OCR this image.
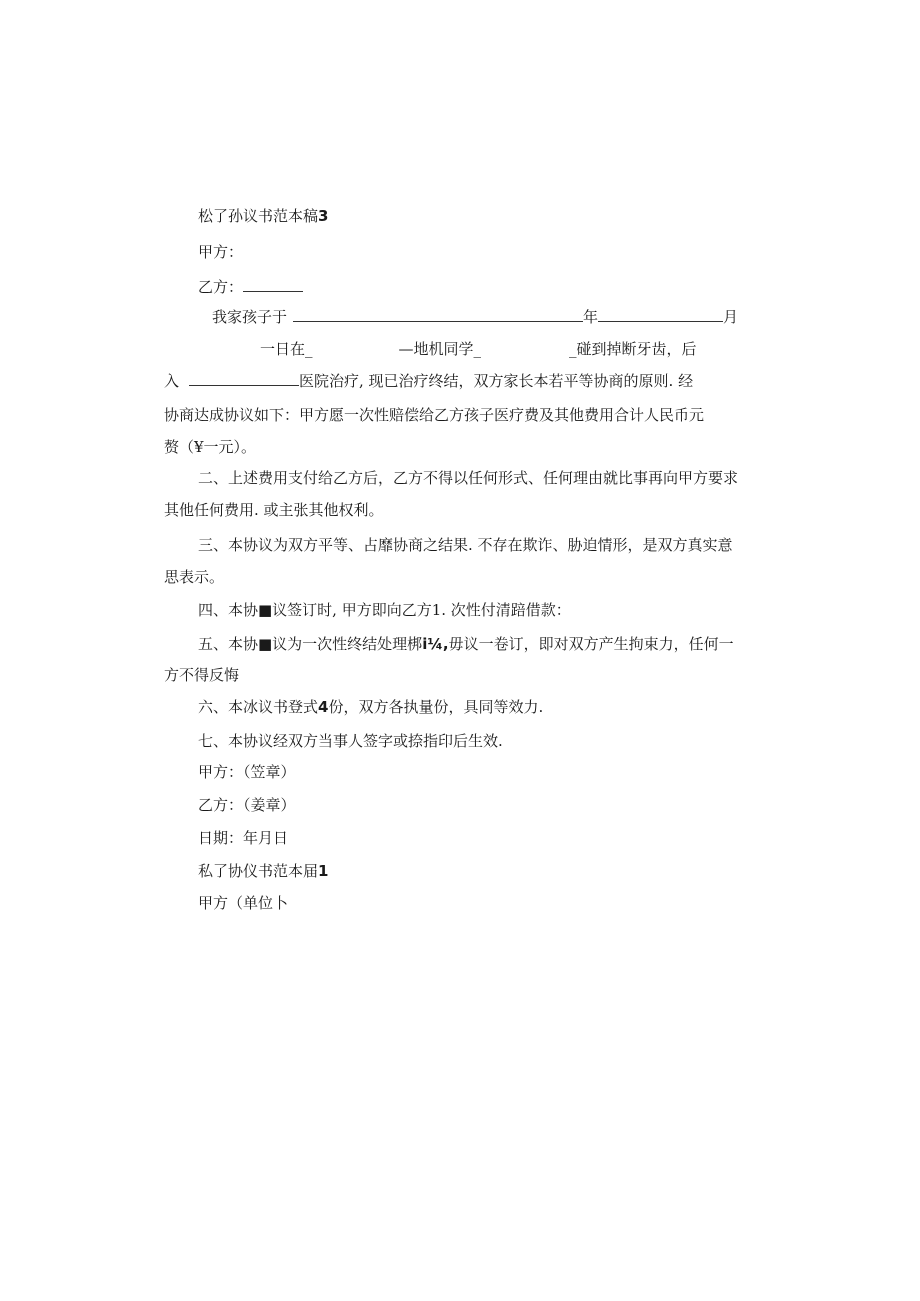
松了孙议书范本稿3
甲方：
乙方：
我家孩子于	年	月
一日在_	—地机同学_	_碰到掉断牙齿，后
入	医院治疗, 现已治疗终结，双方家长本若平等协商的原则. 经
协商达成协议如下：甲方愿一次性赔偿给乙方孩子医疗费及其他费用合计人民币元
赘（¥一元）。
二、上述费用支付给乙方后，乙方不得以任何形式、任何理由就比事再向甲方要求
其他任何费用. 或主张其他权利。
三、本协议为双方平等、占靡协商之结果. 不存在欺诈、胁迫情形，是双方真实意
思表示。
四、本协■议签订时, 甲方即向乙方1. 次性付清踣借款：
五、本协■议为一次性终结处理梆i¼,毋议一卷订，即对双方产生拘束力，任何一
方不得反悔
六、本冰议书登式4份，双方各执量份，具同等效力.
七、本协议经双方当事人签字或捺指印后生效.
甲方：（笠章）
乙方：（姜章）
日期：年月日
私了协仪书范本届1
甲方（单位卜
